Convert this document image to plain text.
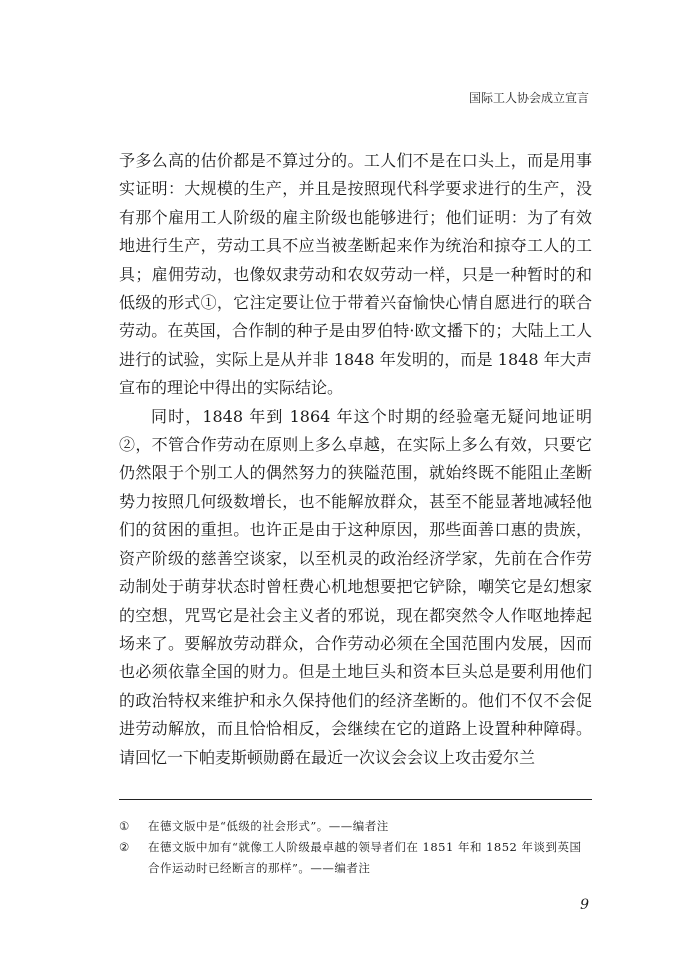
国际工人协会成立宣言

予多么高的估价都是不算过分的。工人们不是在口头上，而是用事实证明：大规模的生产，并且是按照现代科学要求进行的生产，没有那个雇用工人阶级的雇主阶级也能够进行；他们证明：为了有效地进行生产，劳动工具不应当被垄断起来作为统治和掠夺工人的工具；雇佣劳动，也像奴隶劳动和农奴劳动一样，只是一种暂时的和低级的形式①，它注定要让位于带着兴奋愉快心情自愿进行的联合劳动。在英国，合作制的种子是由罗伯特·欧文播下的；大陆上工人进行的试验，实际上是从并非 1848 年发明的，而是 1848 年大声宣布的理论中得出的实际结论。

同时，1848 年到 1864 年这个时期的经验毫无疑问地证明②，不管合作劳动在原则上多么卓越，在实际上多么有效，只要它仍然限于个别工人的偶然努力的狭隘范围，就始终既不能阻止垄断势力按照几何级数增长，也不能解放群众，甚至不能显著地减轻他们的贫困的重担。也许正是由于这种原因，那些面善口惠的贵族，资产阶级的慈善空谈家，以至机灵的政治经济学家，先前在合作劳动制处于萌芽状态时曾枉费心机地想要把它铲除，嘲笑它是幻想家的空想，咒骂它是社会主义者的邪说，现在都突然令人作呕地捧起场来了。要解放劳动群众，合作劳动必须在全国范围内发展，因而也必须依靠全国的财力。但是土地巨头和资本巨头总是要利用他们的政治特权来维护和永久保持他们的经济垄断的。他们不仅不会促进劳动解放，而且恰恰相反，会继续在它的道路上设置种种障碍。请回忆一下帕麦斯顿勋爵在最近一次议会会议上攻击爱尔兰

①	在德文版中是“低级的社会形式”。——编者注
②	在德文版中加有“就像工人阶级最卓越的领导者们在 1851 年和 1852 年谈到英国合作运动时已经断言的那样”。——编者注
9
